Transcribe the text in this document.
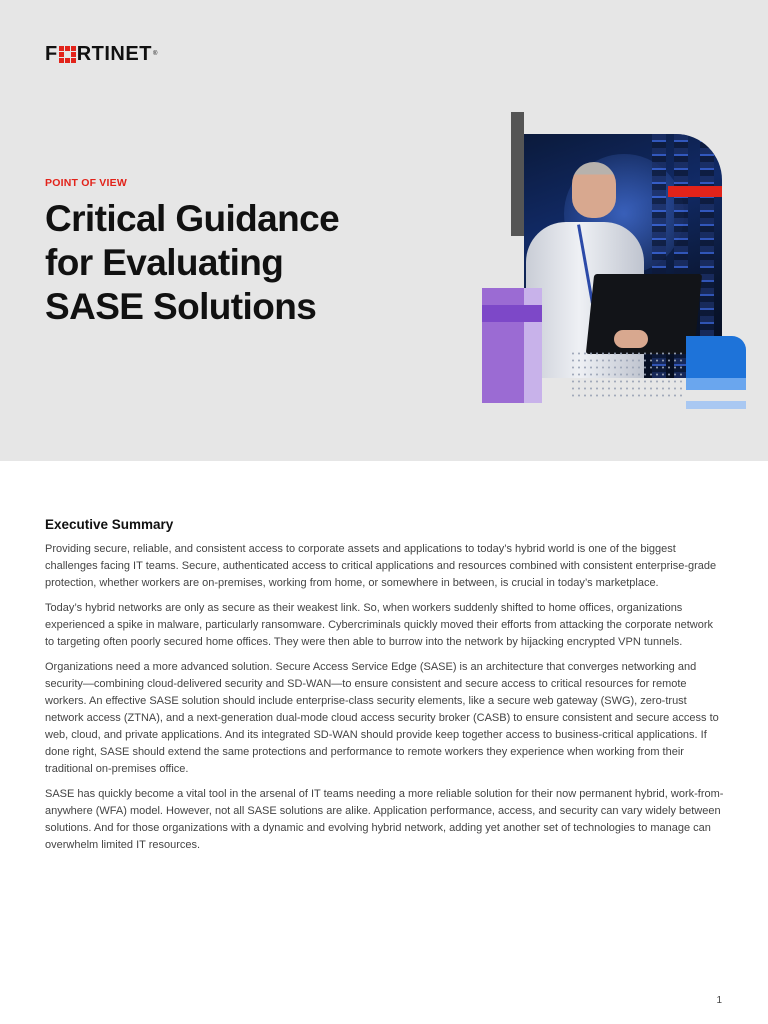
F RTINET ®
POINT OF VIEW
Critical Guidance
for Evaluating
SASE Solutions
Executive Summary

Providing secure, reliable, and consistent access to corporate assets and applications to today’s hybrid world is one of the biggest challenges facing IT teams. Secure, authenticated access to critical applications and resources combined with consistent enterprise-grade protection, whether workers are on-premises, working from home, or somewhere in between, is crucial in today’s marketplace.

Today’s hybrid networks are only as secure as their weakest link. So, when workers suddenly shifted to home offices, organizations experienced a spike in malware, particularly ransomware. Cybercriminals quickly moved their efforts from attacking the corporate network to targeting often poorly secured home offices. They were then able to burrow into the network by hijacking encrypted VPN tunnels.

Organizations need a more advanced solution. Secure Access Service Edge (SASE) is an architecture that converges networking and security—combining cloud-delivered security and SD-WAN—to ensure consistent and secure access to critical resources for remote workers. An effective SASE solution should include enterprise-class security elements, like a secure web gateway (SWG), zero-trust network access (ZTNA), and a next-generation dual-mode cloud access security broker (CASB) to ensure consistent and secure access to web, cloud, and private applications. And its integrated SD-WAN should provide keep together access to business-critical applications. If done right, SASE should extend the same protections and performance to remote workers they experience when working from their traditional on-premises office.

SASE has quickly become a vital tool in the arsenal of IT teams needing a more reliable solution for their now permanent hybrid, work-from-anywhere (WFA) model. However, not all SASE solutions are alike. Application performance, access, and security can vary widely between solutions. And for those organizations with a dynamic and evolving hybrid network, adding yet another set of technologies to manage can overwhelm limited IT resources.

1
